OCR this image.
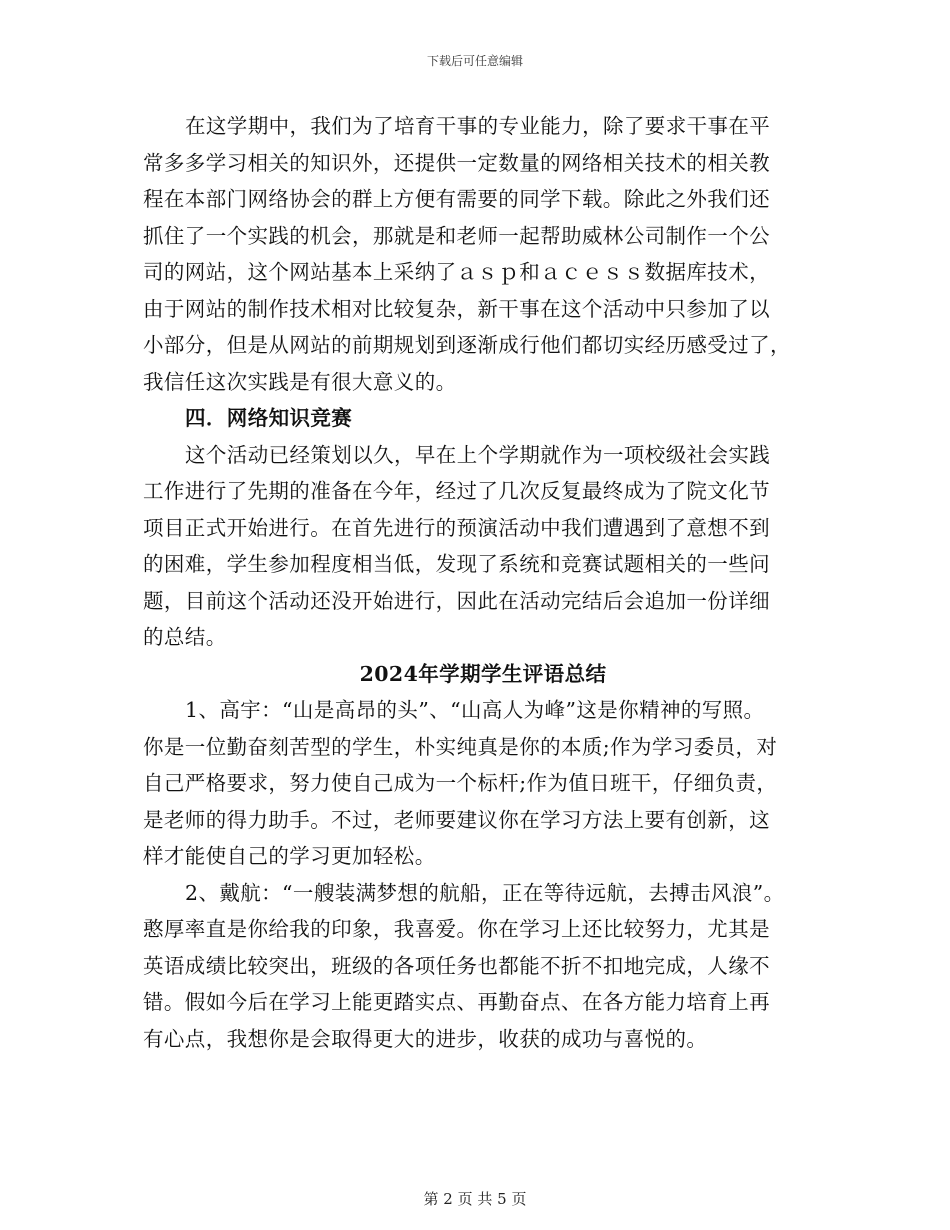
下载后可任意编辑
在这学期中，我们为了培育干事的专业能力，除了要求干事在平
常多多学习相关的知识外，还提供一定数量的网络相关技术的相关教
程在本部门网络协会的群上方便有需要的同学下载。除此之外我们还
抓住了一个实践的机会，那就是和老师一起帮助威林公司制作一个公
司的网站，这个网站基本上采纳了ａｓｐ和ａｃｅｓｓ数据库技术，
由于网站的制作技术相对比较复杂，新干事在这个活动中只参加了以
小部分，但是从网站的前期规划到逐渐成行他们都切实经历感受过了，
我信任这次实践是有很大意义的。
四．网络知识竞赛
这个活动已经策划以久，早在上个学期就作为一项校级社会实践
工作进行了先期的准备在今年，经过了几次反复最终成为了院文化节
项目正式开始进行。在首先进行的预演活动中我们遭遇到了意想不到
的困难，学生参加程度相当低，发现了系统和竞赛试题相关的一些问
题，目前这个活动还没开始进行，因此在活动完结后会追加一份详细
的总结。
2024年学期学生评语总结
1、高宇：“山是高昂的头”、“山高人为峰”这是你精神的写照。
你是一位勤奋刻苦型的学生，朴实纯真是你的本质;作为学习委员，对
自己严格要求，努力使自己成为一个标杆;作为值日班干，仔细负责，
是老师的得力助手。不过，老师要建议你在学习方法上要有创新，这
样才能使自己的学习更加轻松。
2、戴航：“一艘装满梦想的航船，正在等待远航，去搏击风浪”。
憨厚率直是你给我的印象，我喜爱。你在学习上还比较努力，尤其是
英语成绩比较突出，班级的各项任务也都能不折不扣地完成，人缘不
错。假如今后在学习上能更踏实点、再勤奋点、在各方能力培育上再
有心点，我想你是会取得更大的进步，收获的成功与喜悦的。
第 2 页 共 5 页
